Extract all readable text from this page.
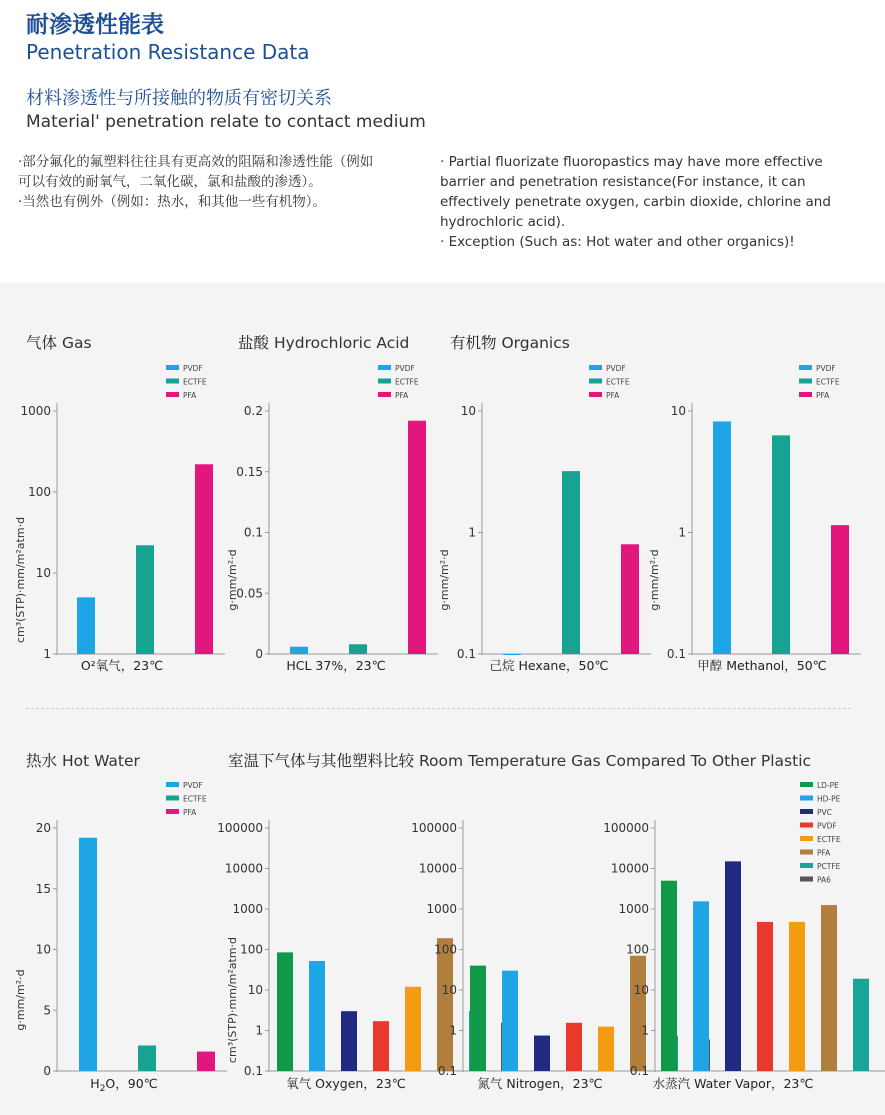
耐渗透性能表
Penetration Resistance Data
材料渗透性与所接触的物质有密切关系
Material' penetration relate to contact medium
·部分氟化的氟塑料往往具有更高效的阻隔和渗透性能（例如
可以有效的耐氧气，二氧化碳，氯和盐酸的渗透）。
·当然也有例外（例如：热水，和其他一些有机物）。
· Partial fluorizate fluoropastics may have more effective
barrier and penetration resistance(For instance, it can
effectively penetrate oxygen, carbin dioxide, chlorine and
hydrochloric acid).
· Exception (Such as: Hot water and other organics)!
气体 Gas	盐酸 Hydrochloric Acid	有机物 Organics
热水 Hot Water	室温下气体与其他塑料比较 Room Temperature Gas Compared To Other Plastic
1
10
100
1000
O²氧气，23℃
cm³(STP)·mm/m²atm·d
PVDF
ECTFE
PFA
0
0.05
0.1
0.15
0.2
HCL 37%，23℃
g·mm/m²·d
PVDF
ECTFE
PFA
0.1
1
10
己烷 Hexane，50℃
g·mm/m²·d
PVDF
ECTFE
PFA
0.1
1
10
甲醇 Methanol，50℃
g·mm/m²·d
PVDF
ECTFE
PFA
0
5
10
15
20
$H_2O$，90℃
g·mm/m²·d
PVDF
ECTFE
PFA
0.1
1
10
100
1000
10000
100000
氧气 Oxygen，23℃
cm³(STP)·mm/m²atm·d
0.1
1
10
100
1000
10000
100000
氮气 Nitrogen，23℃
0.1
1
10
100
1000
10000
100000
水蒸汽 Water Vapor，23℃
LD-PE
HD-PE
PVC
PVDF
ECTFE
PFA
PCTFE
PA6
